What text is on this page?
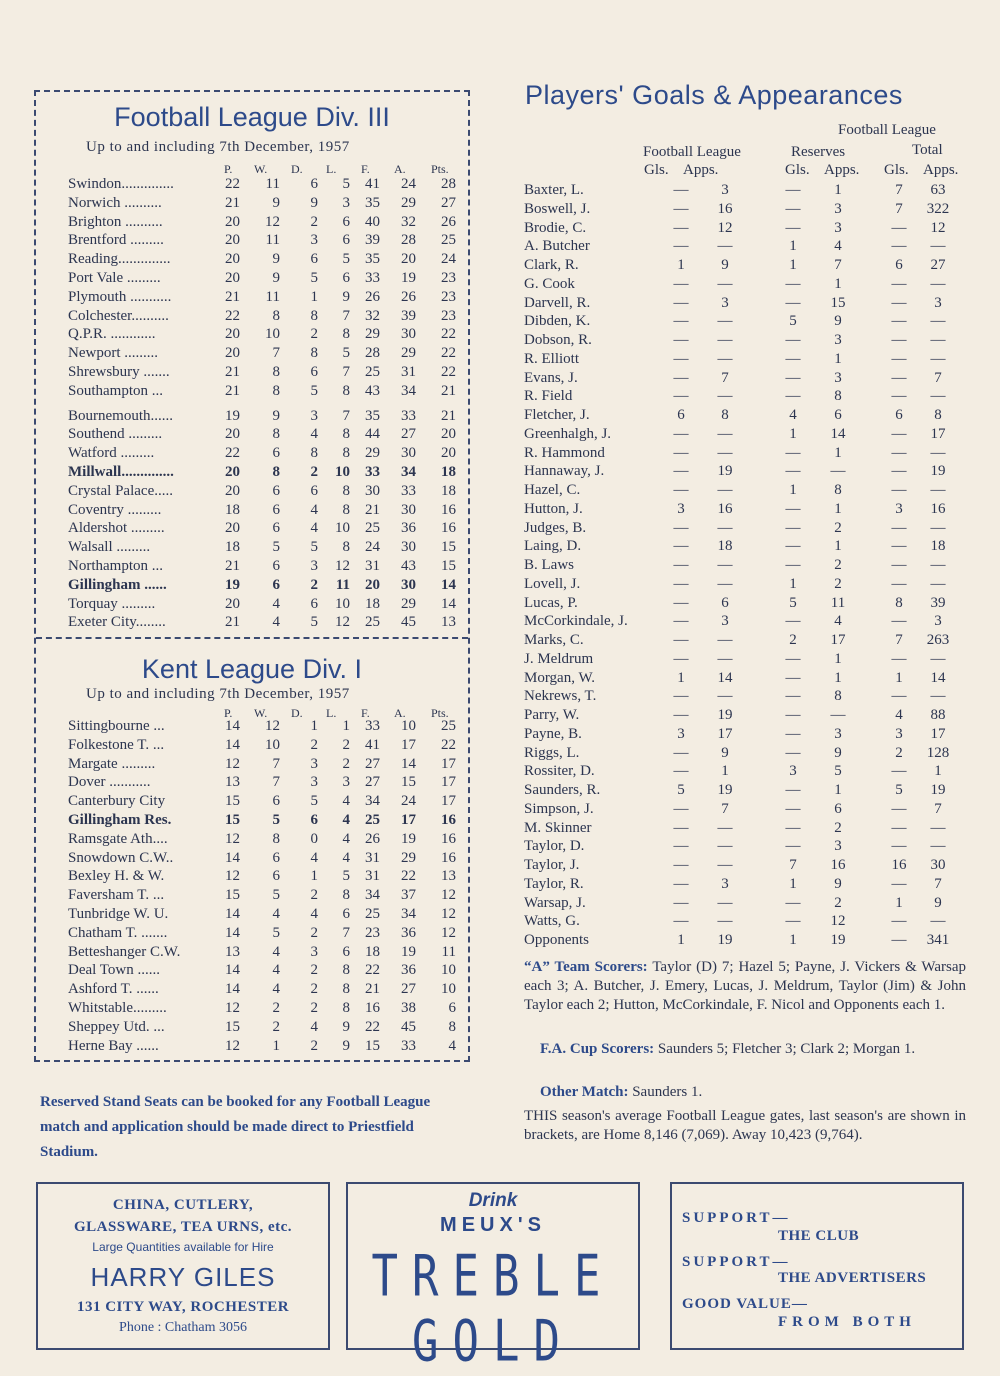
Football League Div. III
Up to and including 7th December, 1957
P. W. D. L. F. A. Pts.
Swindon..............	22 11 6 5 41 24 28
Norwich ..........	21 9 9 3 35 29 27
Brighton ..........	20 12 2 6 40 32 26
Brentford .........	20 11 3 6 39 28 25
Reading..............	20 9 6 5 35 20 24
Port Vale .........	20 9 5 6 33 19 23
Plymouth ...........	21 11 1 9 26 26 23
Colchester..........	22 8 8 7 32 39 23
Q.P.R. ............	20 10 2 8 29 30 22
Newport .........	20 7 8 5 28 29 22
Shrewsbury .......	21 8 6 7 25 31 22
Southampton ...	21 8 5 8 43 34 21
Bournemouth......	19 9 3 7 35 33 21
Southend .........	20 8 4 8 44 27 20
Watford .........	22 6 8 8 29 30 20
Millwall..............	20 8 2 10 33 34 18
Crystal Palace.....	20 6 6 8 30 33 18
Coventry .........	18 6 4 8 21 30 16
Aldershot .........	20 6 4 10 25 36 16
Walsall .........	18 5 5 8 24 30 15
Northampton ...	21 6 3 12 31 43 15
Gillingham ......	19 6 2 11 20 30 14
Torquay .........	20 4 6 10 18 29 14
Exeter City........	21 4 5 12 25 45 13
Kent League Div. I
Up to and including 7th December, 1957
P. W. D. L. F. A. Pts.
Sittingbourne ...	14 12 1 1 33 10 25
Folkestone T. ...	14 10 2 2 41 17 22
Margate .........	12 7 3 2 27 14 17
Dover ...........	13 7 3 3 27 15 17
Canterbury City	15 6 5 4 34 24 17
Gillingham Res.	15 5 6 4 25 17 16
Ramsgate Ath....	12 8 0 4 26 19 16
Snowdown C.W..	14 6 4 4 31 29 16
Bexley H. & W.	12 6 1 5 31 22 13
Faversham T. ...	15 5 2 8 34 37 12
Tunbridge W. U.	14 4 4 6 25 34 12
Chatham T. .......	14 5 2 7 23 36 12
Betteshanger C.W.	13 4 3 6 18 19 11
Deal Town ......	14 4 2 8 22 36 10
Ashford T. ......	14 4 2 8 21 27 10
Whitstable.........	12 2 2 8 16 38 6
Sheppey Utd. ...	15 2 4 9 22 45 8
Herne Bay ......	12 1 2 9 15 33 4
Reserved Stand Seats can be booked for any Football League match and application should be made direct to Priestfield Stadium.
Players' Goals & Appearances
Football League
Football League	Reserves	Total
Gls. Apps.	Gls. Apps. Gls. Apps.
Baxter, L.	—	3	—	1	7	63
Boswell, J.	—	16	—	3	7	322
Brodie, C.	—	12	—	3	—	12
A. Butcher	—	—	1	4	—	—
Clark, R.	1	9	1	7	6	27
G. Cook	—	—	—	1	—	—
Darvell, R.	—	3	—	15	—	3
Dibden, K.	—	—	5	9	—	—
Dobson, R.	—	—	—	3	—	—
R. Elliott	—	—	—	1	—	—
Evans, J.	—	7	—	3	—	7
R. Field	—	—	—	8	—	—
Fletcher, J.	6	8	4	6	6	8
Greenhalgh, J.	—	—	1	14	—	17
R. Hammond	—	—	—	1	—	—
Hannaway, J.	—	19	—	—	—	19
Hazel, C.	—	—	1	8	—	—
Hutton, J.	3	16	—	1	3	16
Judges, B.	—	—	—	2	—	—
Laing, D.	—	18	—	1	—	18
B. Laws	—	—	—	2	—	—
Lovell, J.	—	—	1	2	—	—
Lucas, P.	—	6	5	11	8	39
McCorkindale, J.	—	3	—	4	—	3
Marks, C.	—	—	2	17	7	263
J. Meldrum	—	—	—	1	—	—
Morgan, W.	1	14	—	1	1	14
Nekrews, T.	—	—	—	8	—	—
Parry, W.	—	19	—	—	4	88
Payne, B.	3	17	—	3	3	17
Riggs, L.	—	9	—	9	2	128
Rossiter, D.	—	1	3	5	—	1
Saunders, R.	5	19	—	1	5	19
Simpson, J.	—	7	—	6	—	7
M. Skinner	—	—	—	2	—	—
Taylor, D.	—	—	—	3	—	—
Taylor, J.	—	—	7	16	16	30
Taylor, R.	—	3	1	9	—	7
Warsap, J.	—	—	—	2	1	9
Watts, G.	—	—	—	12	—	—
Opponents	1	19	1	19	—	341
“A” Team Scorers: Taylor (D) 7; Hazel 5; Payne, J. Vickers & Warsap each 3; A. Butcher, J. Emery, Lucas, J. Meldrum, Taylor (Jim) & John Taylor each 2; Hutton, McCorkindale, F. Nicol and Opponents each 1.
F.A. Cup Scorers: Saunders 5; Fletcher 3; Clark 2; Morgan 1.
Other Match: Saunders 1.
THIS season's average Football League gates, last season's are shown in brackets, are Home 8,146 (7,069). Away 10,423 (9,764).
CHINA, CUTLERY,
GLASSWARE, TEA URNS, etc.
Large Quantities available for Hire
HARRY GILES
131 CITY WAY, ROCHESTER
Phone : Chatham 3056
Drink
MEUX'S
TREBLE
GOLD
SUPPORT—
THE CLUB
SUPPORT—
THE ADVERTISERS
GOOD VALUE—
FROM BOTH
